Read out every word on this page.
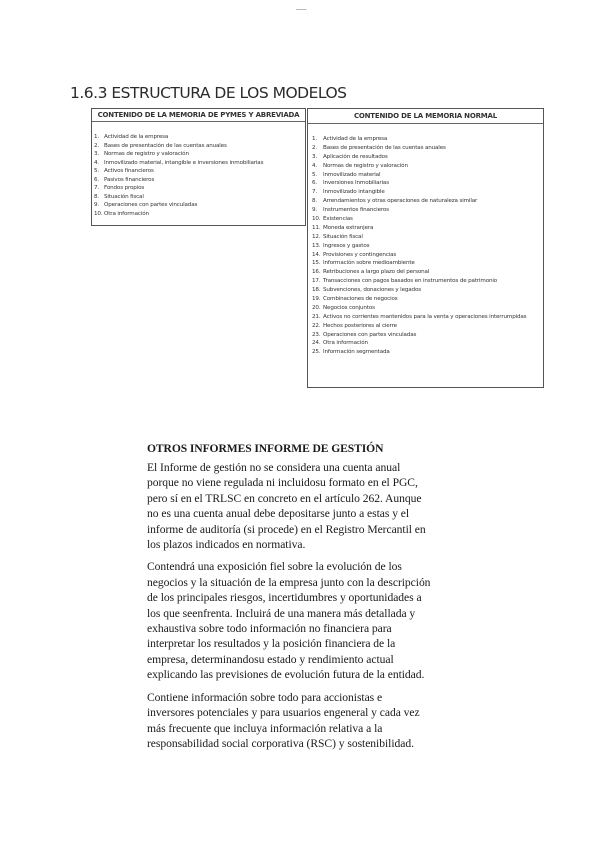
___
1.6.3 ESTRUCTURA DE LOS MODELOS
CONTENIDO DE LA MEMORIA DE PYMES Y ABREVIADA
1. Actividad de la empresa
2. Bases de presentación de las cuentas anuales
3. Normas de registro y valoración
4. Inmovilizado material, intangible e inversiones inmobiliarias
5. Activos financieros
6. Pasivos financieros
7. Fondos propios
8. Situación fiscal
9. Operaciones con partes vinculadas
10. Otra información
CONTENIDO DE LA MEMORIA NORMAL
1.	Actividad de la empresa
2.	Bases de presentación de las cuentas anuales
3.	Aplicación de resultados
4.	Normas de registro y valoración
5.	Inmovilizado material
6.	Inversiones Inmobiliarias
7.	Inmovilizado intangible
8.	Arrendamientos y otras operaciones de naturaleza similar
9.	Instrumentos financieros
10. Existencias
11. Moneda extranjera
12. Situación fiscal
13. Ingresos y gastos
14. Provisiones y contingencias
15. Información sobre medioambiente
16. Retribuciones a largo plazo del personal
17. Transacciones con pagos basados en instrumentos de patrimonio
18. Subvenciones, donaciones y legados
19. Combinaciones de negocios
20. Negocios conjuntos
21. Activos no corrientes mantenidos para la venta y operaciones interrumpidas
22. Hechos posteriores al cierre
23. Operaciones con partes vinculadas
24. Otra información
25. Información segmentada
OTROS INFORMES INFORME DE GESTIÓN

El Informe de gestión no se considera una cuenta anual
porque no viene regulada ni incluidosu formato en el PGC,
pero sí en el TRLSC en concreto en el artículo 262. Aunque
no es una cuenta anual debe depositarse junto a estas y el
informe de auditoría (si procede) en el Registro Mercantil en
los plazos indicados en normativa.

Contendrá una exposición fiel sobre la evolución de los
negocios y la situación de la empresa junto con la descripción
de los principales riesgos, incertidumbres y oportunidades a
los que seenfrenta. Incluirá de una manera más detallada y
exhaustiva sobre todo información no financiera para
interpretar los resultados y la posición financiera de la
empresa, determinandosu estado y rendimiento actual
explicando las previsiones de evolución futura de la entidad.

Contiene información sobre todo para accionistas e
inversores potenciales y para usuarios engeneral y cada vez
más frecuente que incluya información relativa a la
responsabilidad social corporativa (RSC) y sostenibilidad.
